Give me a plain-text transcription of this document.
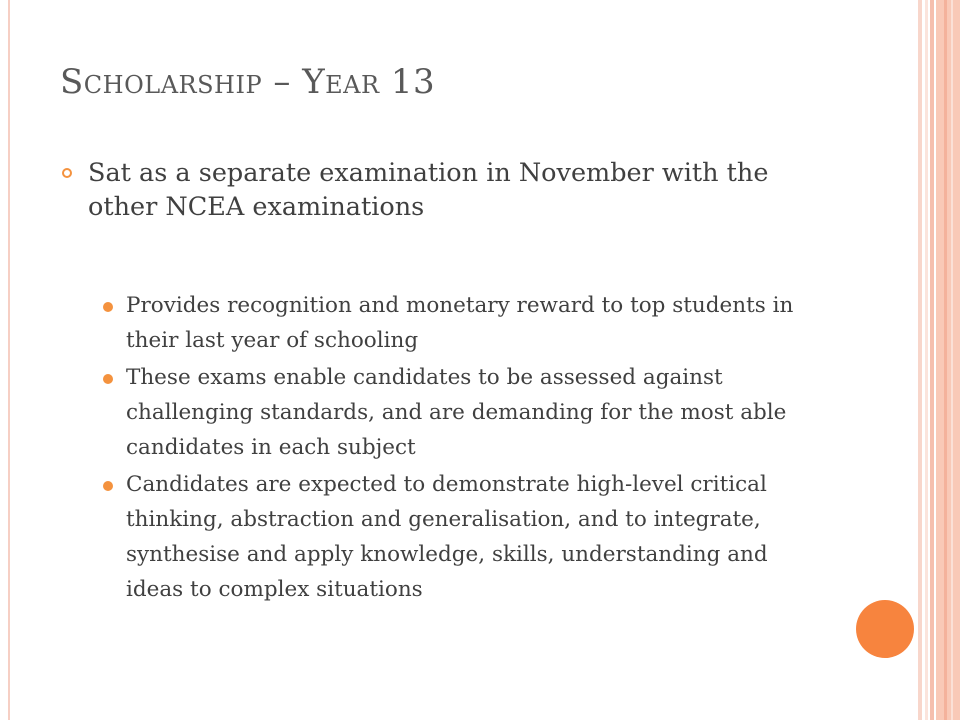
Scholarship – Year 13
Sat as a separate examination in November with the other NCEA examinations
Provides recognition and monetary reward to top students in their last year of schooling
These exams enable candidates to be assessed against challenging standards, and are demanding for the most able candidates in each subject
Candidates are expected to demonstrate high-level critical thinking, abstraction and generalisation, and to integrate, synthesise and apply knowledge, skills, understanding and ideas to complex situations
